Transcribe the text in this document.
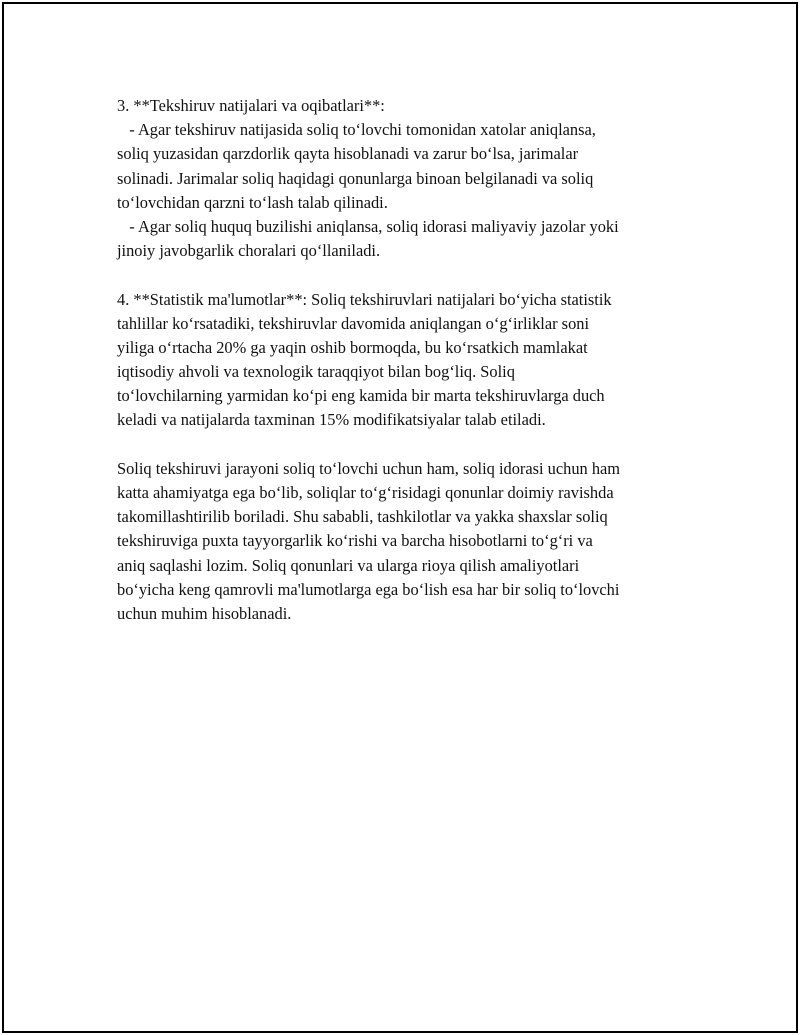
3. **Tekshiruv natijalari va oqibatlari**:
- Agar tekshiruv natijasida soliq to‘lovchi tomonidan xatolar aniqlansa,
soliq yuzasidan qarzdorlik qayta hisoblanadi va zarur bo‘lsa, jarimalar
solinadi. Jarimalar soliq haqidagi qonunlarga binoan belgilanadi va soliq
to‘lovchidan qarzni to‘lash talab qilinadi.
- Agar soliq huquq buzilishi aniqlansa, soliq idorasi maliyaviy jazolar yoki
jinoiy javobgarlik choralari qo‘llaniladi.
4. **Statistik ma'lumotlar**: Soliq tekshiruvlari natijalari bo‘yicha statistik
tahlillar ko‘rsatadiki, tekshiruvlar davomida aniqlangan o‘g‘irliklar soni
yiliga o‘rtacha 20% ga yaqin oshib bormoqda, bu ko‘rsatkich mamlakat
iqtisodiy ahvoli va texnologik taraqqiyot bilan bog‘liq. Soliq
to‘lovchilarning yarmidan ko‘pi eng kamida bir marta tekshiruvlarga duch
keladi va natijalarda taxminan 15% modifikatsiyalar talab etiladi.
Soliq tekshiruvi jarayoni soliq to‘lovchi uchun ham, soliq idorasi uchun ham
katta ahamiyatga ega bo‘lib, soliqlar to‘g‘risidagi qonunlar doimiy ravishda
takomillashtirilib boriladi. Shu sababli, tashkilotlar va yakka shaxslar soliq
tekshiruviga puxta tayyorgarlik ko‘rishi va barcha hisobotlarni to‘g‘ri va
aniq saqlashi lozim. Soliq qonunlari va ularga rioya qilish amaliyotlari
bo‘yicha keng qamrovli ma'lumotlarga ega bo‘lish esa har bir soliq to‘lovchi
uchun muhim hisoblanadi.
